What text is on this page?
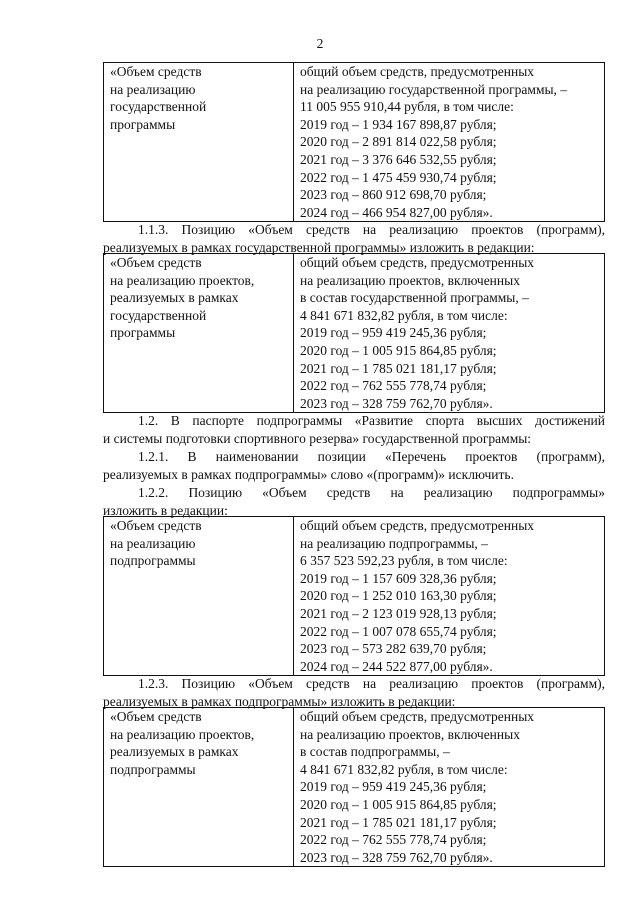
2
«Объем средств
на реализацию
государственной
программы
общий объем средств, предусмотренных
на реализацию государственной программы, –
11 005 955 910,44 рубля, в том числе:
2019 год – 1 934 167 898,87 рубля;
2020 год – 2 891 814 022,58 рубля;
2021 год – 3 376 646 532,55 рубля;
2022 год – 1 475 459 930,74 рубля;
2023 год – 860 912 698,70 рубля;
2024 год – 466 954 827,00 рубля».
1.1.3. Позицию «Объем средств на реализацию проектов (программ),
реализуемых в рамках государственной программы» изложить в редакции:
«Объем средств
на реализацию проектов,
реализуемых в рамках
государственной
программы
общий объем средств, предусмотренных
на реализацию проектов, включенных
в состав государственной программы, –
4 841 671 832,82 рубля, в том числе:
2019 год – 959 419 245,36 рубля;
2020 год – 1 005 915 864,85 рубля;
2021 год – 1 785 021 181,17 рубля;
2022 год – 762 555 778,74 рубля;
2023 год – 328 759 762,70 рубля».
1.2. В паспорте подпрограммы «Развитие спорта высших достижений
и системы подготовки спортивного резерва» государственной программы:
1.2.1. В наименовании позиции «Перечень проектов (программ),
реализуемых в рамках подпрограммы» слово «(программ)» исключить.
1.2.2. Позицию «Объем средств на реализацию подпрограммы»
изложить в редакции:
«Объем средств
на реализацию
подпрограммы
общий объем средств, предусмотренных
на реализацию подпрограммы, –
6 357 523 592,23 рубля, в том числе:
2019 год – 1 157 609 328,36 рубля;
2020 год – 1 252 010 163,30 рубля;
2021 год – 2 123 019 928,13 рубля;
2022 год – 1 007 078 655,74 рубля;
2023 год – 573 282 639,70 рубля;
2024 год – 244 522 877,00 рубля».
1.2.3. Позицию «Объем средств на реализацию проектов (программ),
реализуемых в рамках подпрограммы» изложить в редакции:
«Объем средств
на реализацию проектов,
реализуемых в рамках
подпрограммы
общий объем средств, предусмотренных
на реализацию проектов, включенных
в состав подпрограммы, –
4 841 671 832,82 рубля, в том числе:
2019 год – 959 419 245,36 рубля;
2020 год – 1 005 915 864,85 рубля;
2021 год – 1 785 021 181,17 рубля;
2022 год – 762 555 778,74 рубля;
2023 год – 328 759 762,70 рубля».
